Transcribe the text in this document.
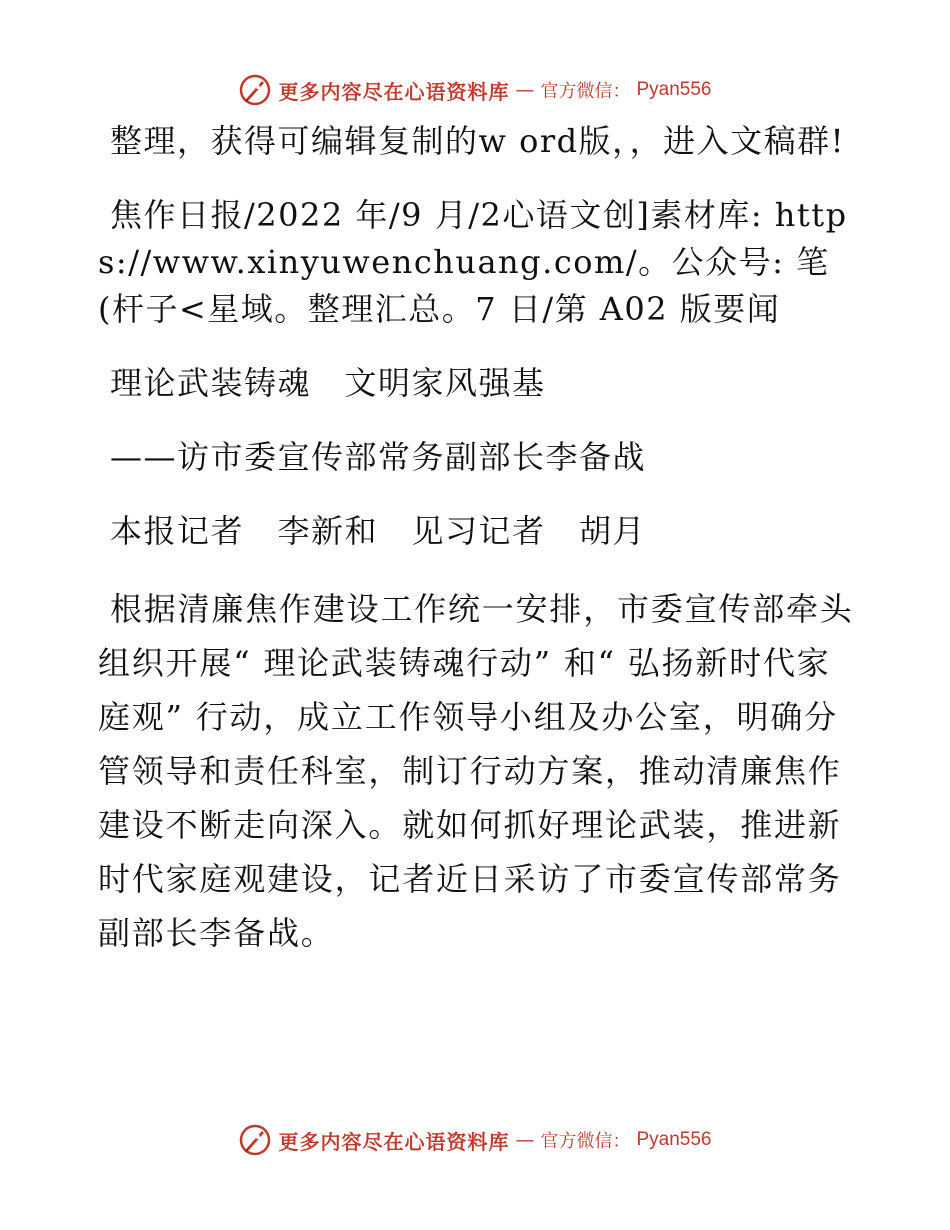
更多内容尽在心语资料库 — 官方微信： Pyan556

整理，获得可编辑复制的w ord版，，进入文稿群!

焦作日报/2022 年/9 月/2心语文创]素材库: https://www.xinyuwenchuang.com/。公众号: 笔(杆子<星域。整理汇总。7 日/第 A02 版要闻

理论武装铸魂　文明家风强基

——访市委宣传部常务副部长李备战

本报记者　李新和　见习记者　胡月

根据清廉焦作建设工作统一安排，市委宣传部牵头组织开展“ 理论武装铸魂行动” 和“ 弘扬新时代家庭观” 行动，成立工作领导小组及办公室，明确分管领导和责任科室，制订行动方案，推动清廉焦作建设不断走向深入。就如何抓好理论武装，推进新时代家庭观建设，记者近日采访了市委宣传部常务副部长李备战。

更多内容尽在心语资料库 — 官方微信： Pyan556
